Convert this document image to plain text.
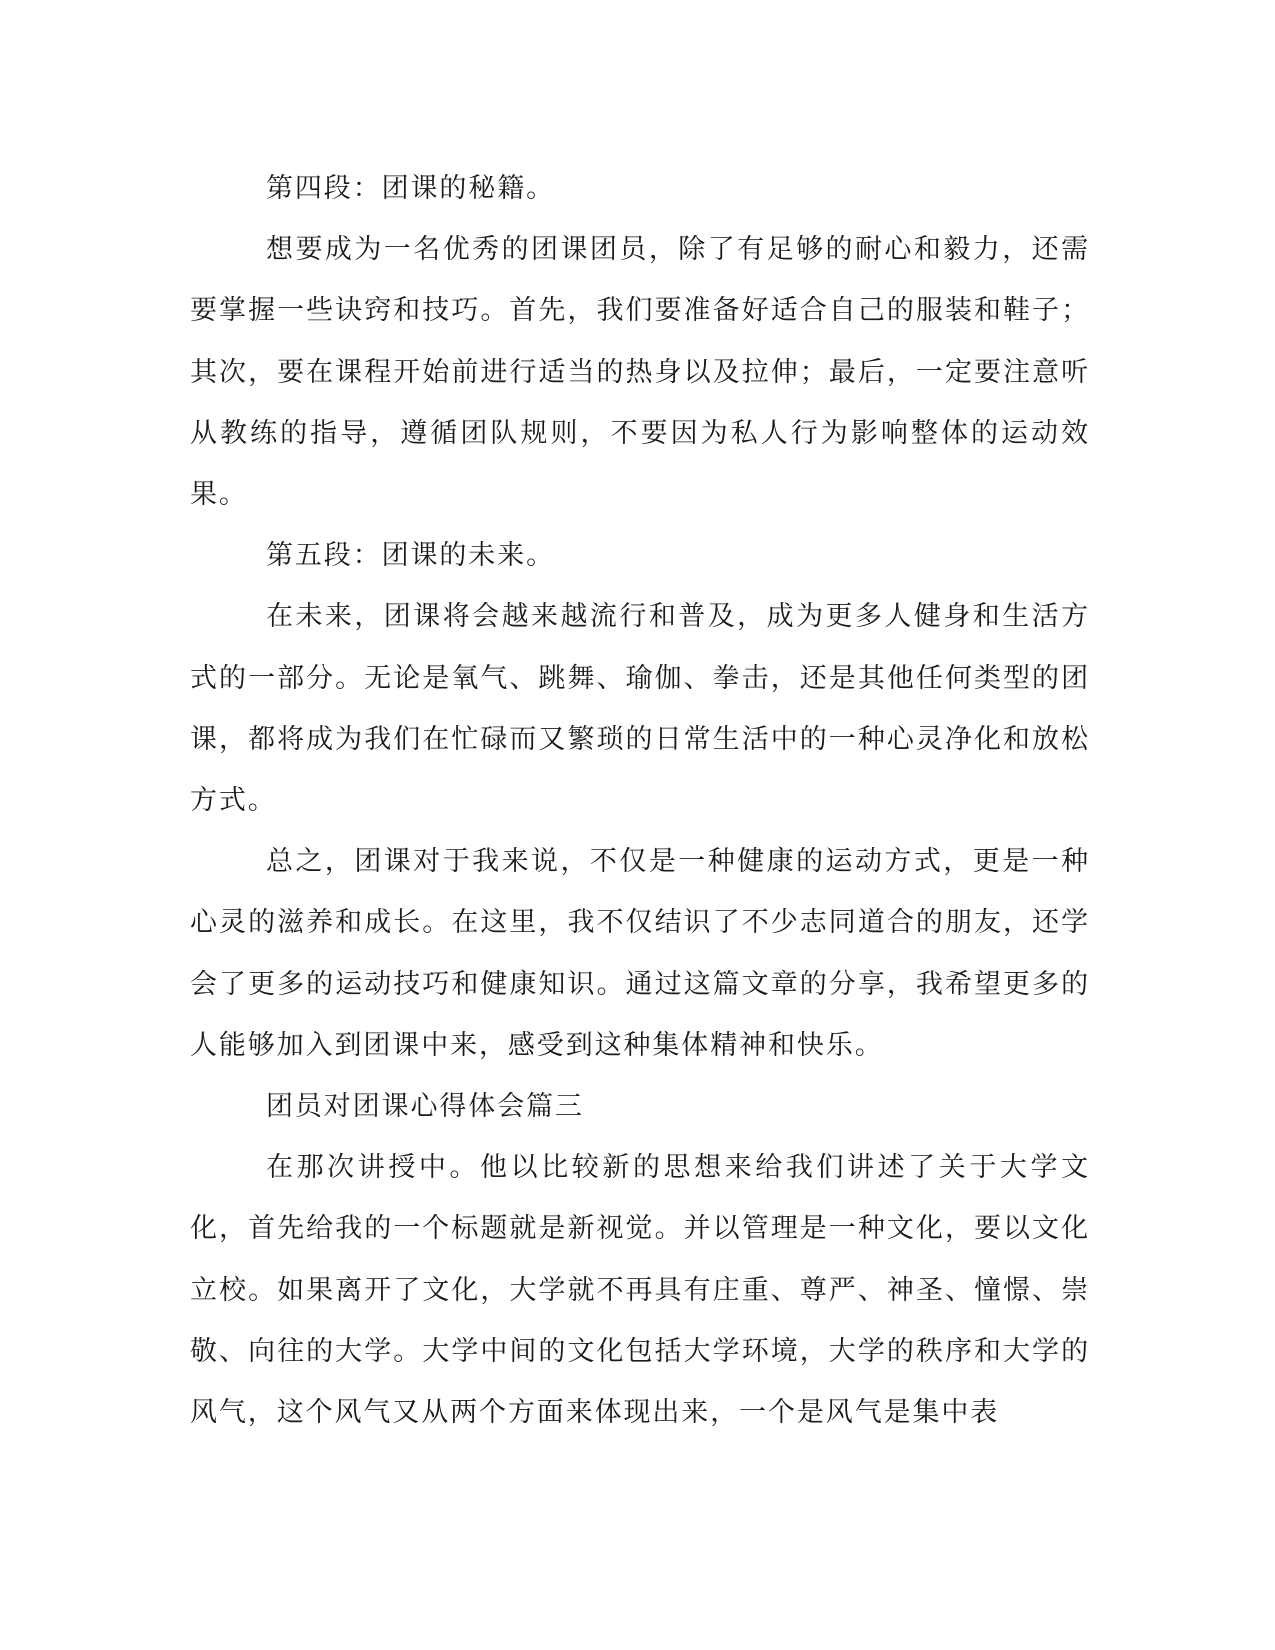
第四段：团课的秘籍。

想要成为一名优秀的团课团员，除了有足够的耐心和毅力，还需要掌握一些诀窍和技巧。首先，我们要准备好适合自己的服装和鞋子；其次，要在课程开始前进行适当的热身以及拉伸；最后，一定要注意听从教练的指导，遵循团队规则，不要因为私人行为影响整体的运动效果。

第五段：团课的未来。

在未来，团课将会越来越流行和普及，成为更多人健身和生活方式的一部分。无论是氧气、跳舞、瑜伽、拳击，还是其他任何类型的团课，都将成为我们在忙碌而又繁琐的日常生活中的一种心灵净化和放松方式。

总之，团课对于我来说，不仅是一种健康的运动方式，更是一种心灵的滋养和成长。在这里，我不仅结识了不少志同道合的朋友，还学会了更多的运动技巧和健康知识。通过这篇文章的分享，我希望更多的人能够加入到团课中来，感受到这种集体精神和快乐。

团员对团课心得体会篇三

在那次讲授中。他以比较新的思想来给我们讲述了关于大学文化，首先给我的一个标题就是新视觉。并以管理是一种文化，要以文化立校。如果离开了文化，大学就不再具有庄重、尊严、神圣、憧憬、崇敬、向往的大学。大学中间的文化包括大学环境，大学的秩序和大学的风气，这个风气又从两个方面来体现出来，一个是风气是集中表
